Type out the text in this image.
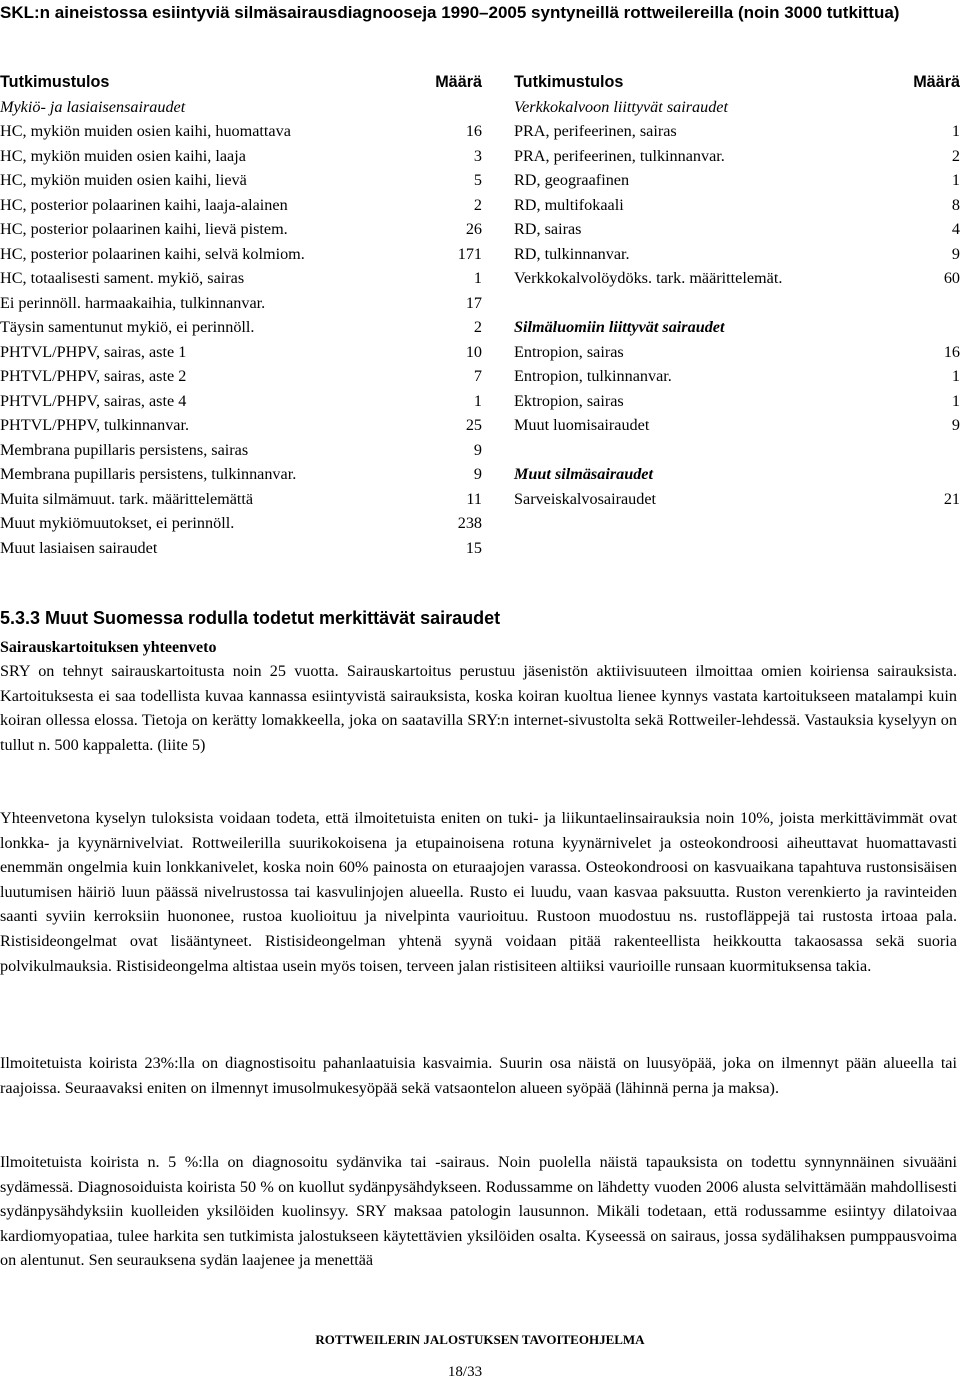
SKL:n aineistossa esiintyviä silmäsairausdiagnooseja 1990–2005 syntyneillä rottweilereilla (noin 3000 tutkittua)
Tutkimustulos	Määrä
Mykiö- ja lasiaisensairaudet
HC, mykiön muiden osien kaihi, huomattava	16
HC, mykiön muiden osien kaihi, laaja	3
HC, mykiön muiden osien kaihi, lievä	5
HC, posterior polaarinen kaihi, laaja-alainen	2
HC, posterior polaarinen kaihi, lievä pistem.	26
HC, posterior polaarinen kaihi, selvä kolmiom.	171
HC, totaalisesti sament. mykiö, sairas	1
Ei perinnöll. harmaakaihia, tulkinnanvar.	17
Täysin samentunut mykiö, ei perinnöll.	2
PHTVL/PHPV, sairas, aste 1	10
PHTVL/PHPV, sairas, aste 2	7
PHTVL/PHPV, sairas, aste 4	1
PHTVL/PHPV, tulkinnanvar.	25
Membrana pupillaris persistens, sairas	9
Membrana pupillaris persistens, tulkinnanvar.	9
Muita silmämuut. tark. määrittelemättä	11
Muut mykiömuutokset, ei perinnöll.	238
Muut lasiaisen sairaudet	15
Tutkimustulos	Määrä
Verkkokalvoon liittyvät sairaudet
PRA, perifeerinen, sairas	1
PRA, perifeerinen, tulkinnanvar.	2
RD, geograafinen	1
RD, multifokaali	8
RD, sairas	4
RD, tulkinnanvar.	9
Verkkokalvolöydöks. tark. määrittelemät.	60
Silmäluomiin liittyvät sairaudet
Entropion, sairas	16
Entropion, tulkinnanvar.	1
Ektropion, sairas	1
Muut luomisairaudet	9
Muut silmäsairaudet
Sarveiskalvosairaudet	21
5.3.3 Muut Suomessa rodulla todetut merkittävät sairaudet
Sairauskartoituksen yhteenveto

SRY on tehnyt sairauskartoitusta noin 25 vuotta. Sairauskartoitus perustuu jäsenistön aktiivisuuteen ilmoittaa omien koiriensa sairauksista. Kartoituksesta ei saa todellista kuvaa kannassa esiintyvistä sairauksista, koska koiran kuoltua lienee kynnys vastata kartoitukseen matalampi kuin koiran ollessa elossa. Tietoja on kerätty lomakkeella, joka on saatavilla SRY:n internet-sivustolta sekä Rottweiler-lehdessä. Vastauksia kyselyyn on tullut n. 500 kappaletta. (liite 5)

Yhteenvetona kyselyn tuloksista voidaan todeta, että ilmoitetuista eniten on tuki- ja liikuntaelinsairauksia noin 10%, joista merkittävimmät ovat lonkka- ja kyynärnivelviat. Rottweilerilla suurikokoisena ja etupainoisena rotuna kyynärnivelet ja osteokondroosi aiheuttavat huomattavasti enemmän ongelmia kuin lonkkanivelet, koska noin 60% painosta on eturaajojen varassa. Osteokondroosi on kasvuaikana tapahtuva rustonsisäisen luutumisen häiriö luun päässä nivelrustossa tai kasvulinjojen alueella. Rusto ei luudu, vaan kasvaa paksuutta. Ruston verenkierto ja ravinteiden saanti syviin kerroksiin huononee, rustoa kuolioituu ja nivelpinta vaurioituu. Rustoon muodostuu ns. rustofläppejä tai rustosta irtoaa pala. Ristisideongelmat ovat lisääntyneet. Ristisideongelman yhtenä syynä voidaan pitää rakenteellista heikkoutta takaosassa sekä suoria polvikulmauksia. Ristisideongelma altistaa usein myös toisen, terveen jalan ristisiteen altiiksi vaurioille runsaan kuormituksensa takia.

Ilmoitetuista koirista 23%:lla on diagnostisoitu pahanlaatuisia kasvaimia. Suurin osa näistä on luusyöpää, joka on ilmennyt pään alueella tai raajoissa. Seuraavaksi eniten on ilmennyt imusolmukesyöpää sekä vatsaontelon alueen syöpää (lähinnä perna ja maksa).

Ilmoitetuista koirista n. 5 %:lla on diagnosoitu sydänvika tai -sairaus. Noin puolella näistä tapauksista on todettu synnynnäinen sivuääni sydämessä. Diagnosoiduista koirista 50 % on kuollut sydänpysähdykseen. Rodussamme on lähdetty vuoden 2006 alusta selvittämään mahdollisesti sydänpysähdyksiin kuolleiden yksilöiden kuolinsyy. SRY maksaa patologin lausunnon. Mikäli todetaan, että rodussamme esiintyy dilatoivaa kardiomyopatiaa, tulee harkita sen tutkimista jalostukseen käytettävien yksilöiden osalta. Kyseessä on sairaus, jossa sydälihaksen pumppausvoima on alentunut. Sen seurauksena sydän laajenee ja menettää

ROTTWEILERIN JALOSTUKSEN TAVOITEOHJELMA
18/33
